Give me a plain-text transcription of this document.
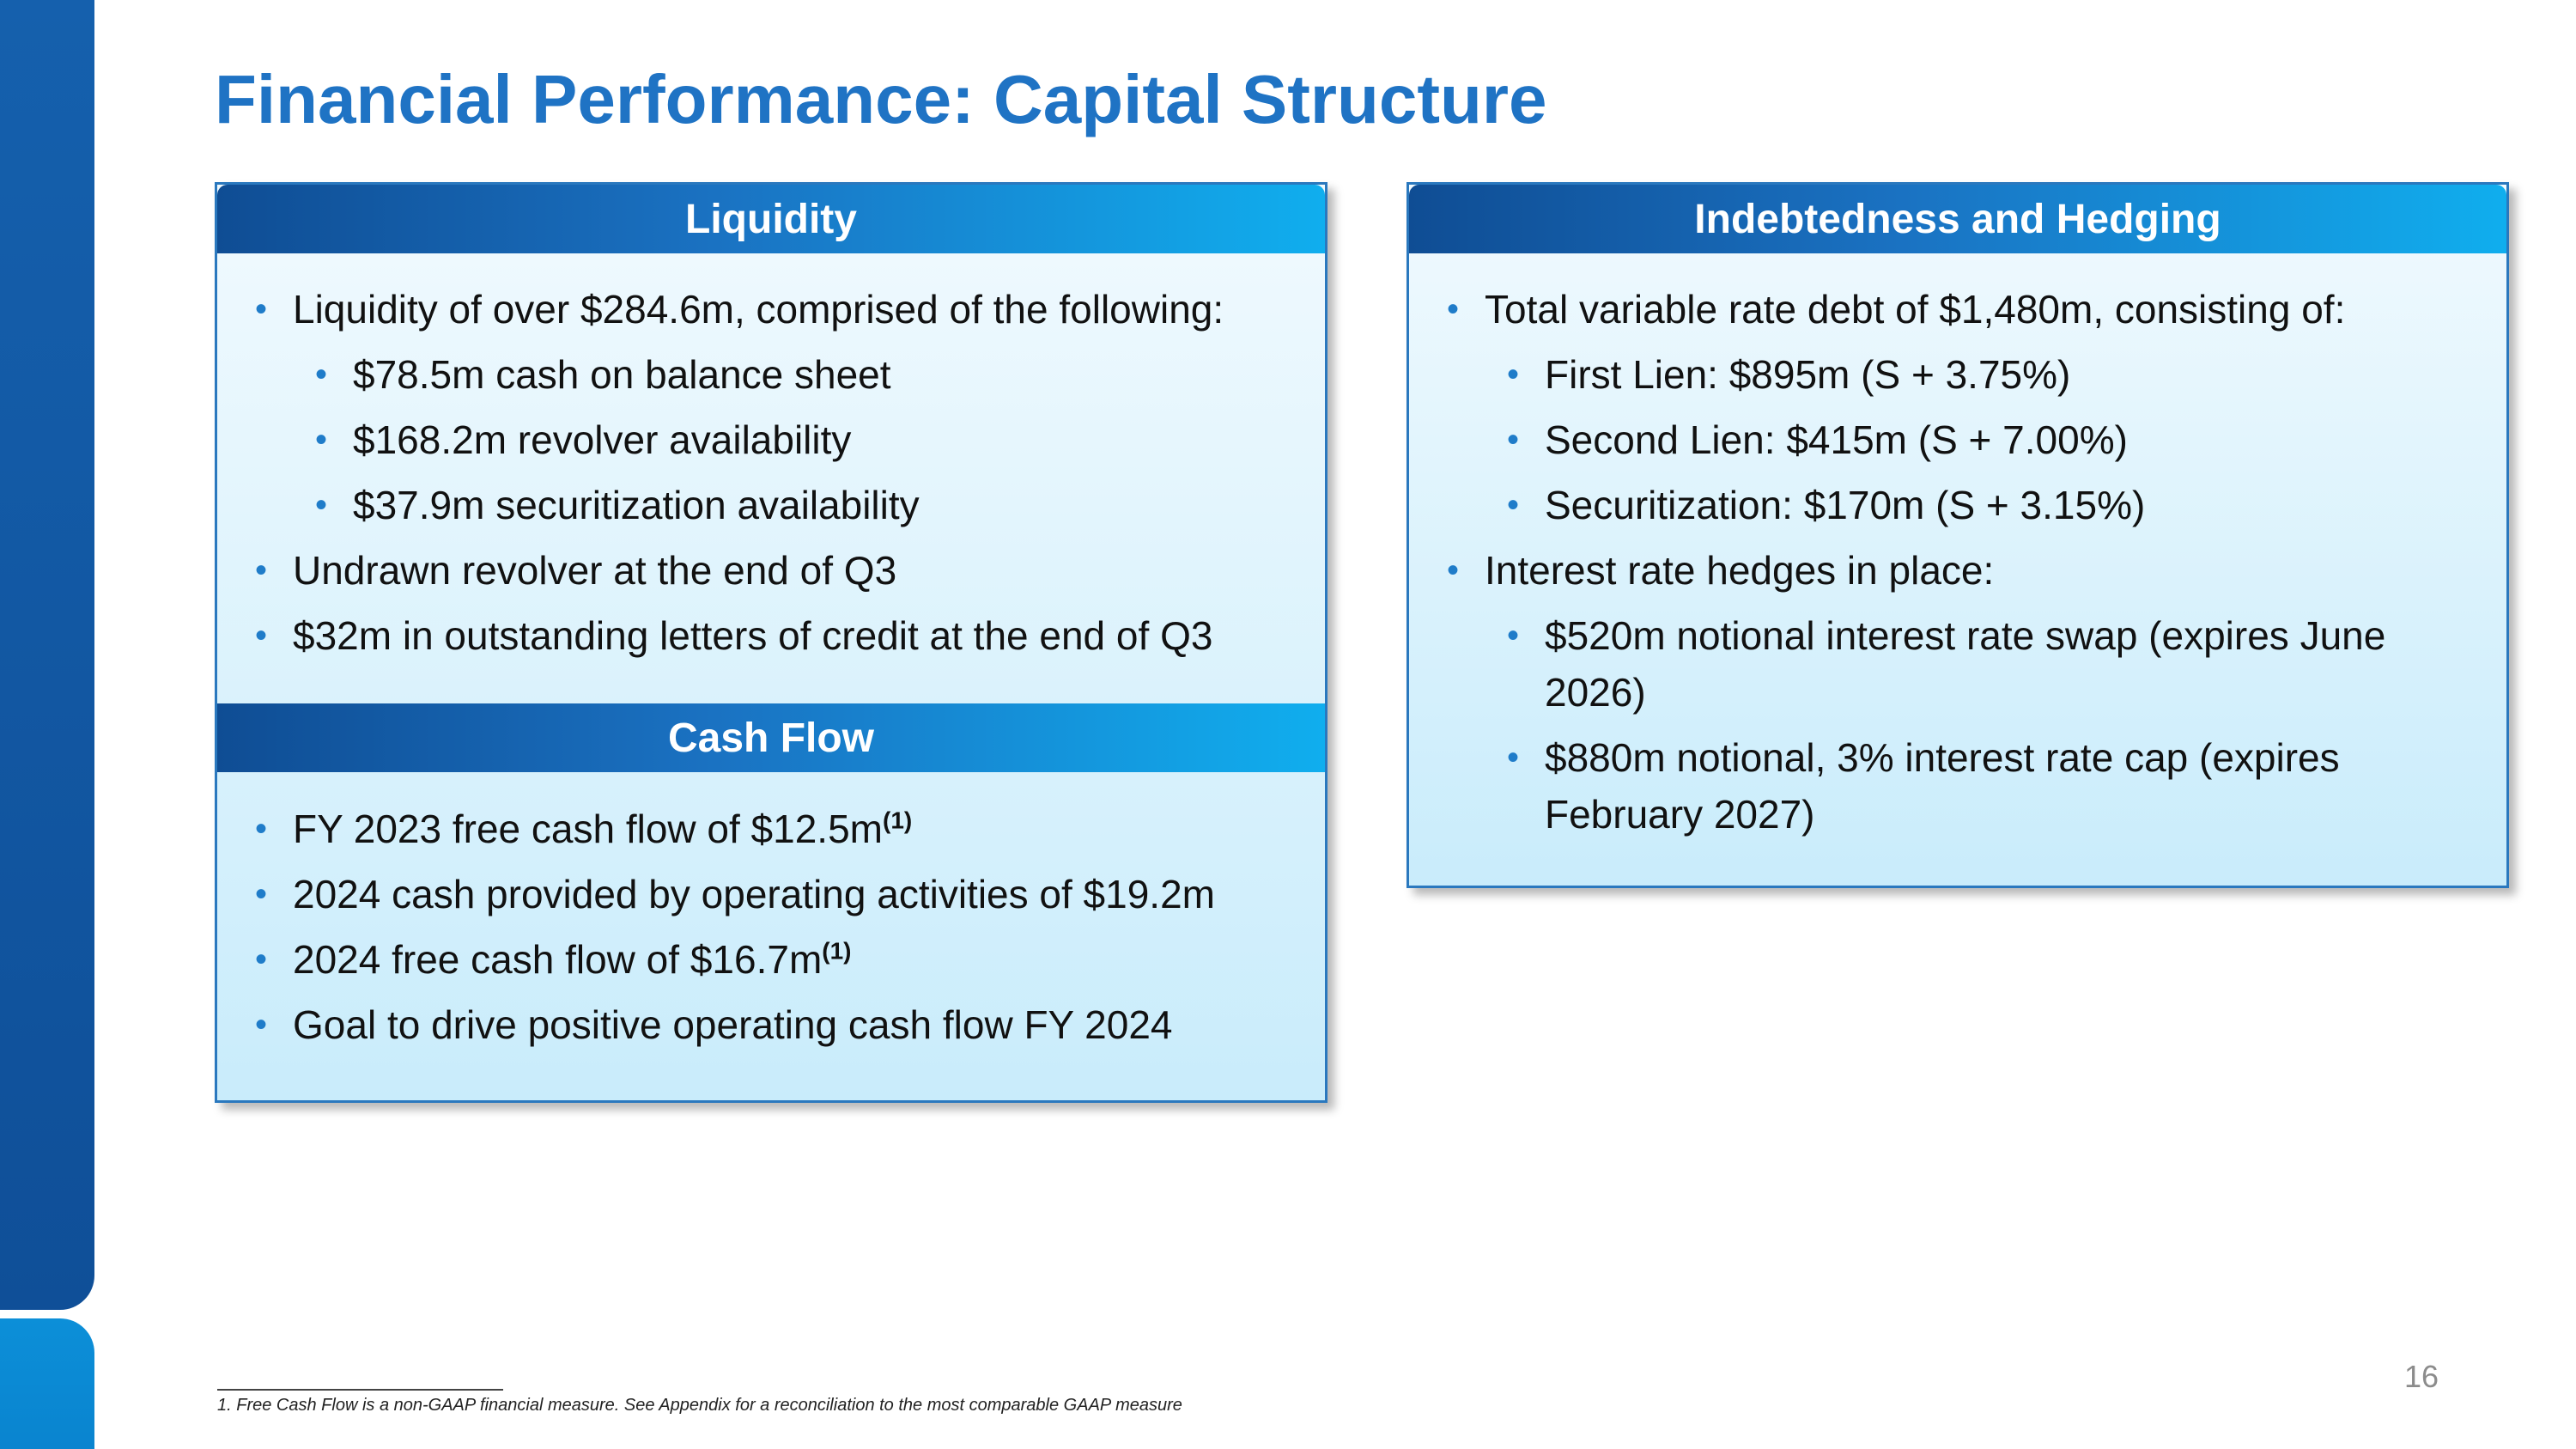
Financial Performance: Capital Structure
Liquidity
• Liquidity of over $284.6m, comprised of the following:
• $78.5m cash on balance sheet
• $168.2m revolver availability
• $37.9m securitization availability
• Undrawn revolver at the end of Q3
• $32m in outstanding letters of credit at the end of Q3
Cash Flow
• FY 2023 free cash flow of $\$12.5m^{(1)}$
• 2024 cash provided by operating activities of $19.2m
• 2024 free cash flow of $\$16.7m^{(1)}$
• Goal to drive positive operating cash flow FY 2024
Indebtedness and Hedging
• Total variable rate debt of $1,480m, consisting of:
• First Lien: $895m (S + 3.75%)
• Second Lien: $415m (S + 7.00%)
• Securitization: $170m (S + 3.15%)
• Interest rate hedges in place:
• $520m notional interest rate swap (expires June 2026)
• $880m notional, 3% interest rate cap (expires February 2027)
1. Free Cash Flow is a non-GAAP financial measure. See Appendix for a reconciliation to the most comparable GAAP measure
16
